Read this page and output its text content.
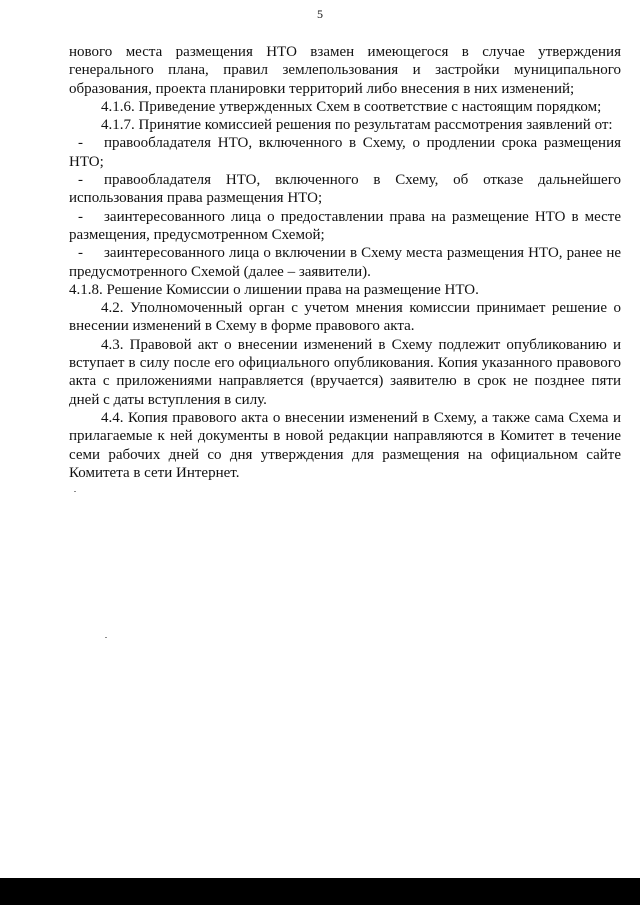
5

нового места размещения НТО взамен имеющегося в случае утверждения генерального плана, правил землепользования и застройки муниципального образования, проекта планировки территорий либо внесения в них изменений;

4.1.6. Приведение утвержденных Схем в соответствие с настоящим порядком;

4.1.7. Принятие комиссией решения по результатам рассмотрения заявлений от:

- правообладателя НТО, включенного в Схему, о продлении срока размещения НТО;

- правообладателя НТО, включенного в Схему, об отказе дальнейшего использования права размещения НТО;

- заинтересованного лица о предоставлении права на размещение НТО в месте размещения, предусмотренном Схемой;

- заинтересованного лица о включении в Схему места размещения НТО, ранее не предусмотренного Схемой (далее – заявители).

4.1.8. Решение Комиссии о лишении права на размещение НТО.

4.2. Уполномоченный орган с учетом мнения комиссии принимает решение о внесении изменений в Схему в форме правового акта.

4.3. Правовой акт о внесении изменений в Схему подлежит опубликованию и вступает в силу после его официального опубликования. Копия указанного правового акта с приложениями направляется (вручается) заявителю в срок не позднее пяти дней с даты вступления в силу.

4.4. Копия правового акта о внесении изменений в Схему, а также сама Схема и прилагаемые к ней документы в новой редакции направляются в Комитет в течение семи рабочих дней со дня утверждения для размещения на официальном сайте Комитета в сети Интернет.
